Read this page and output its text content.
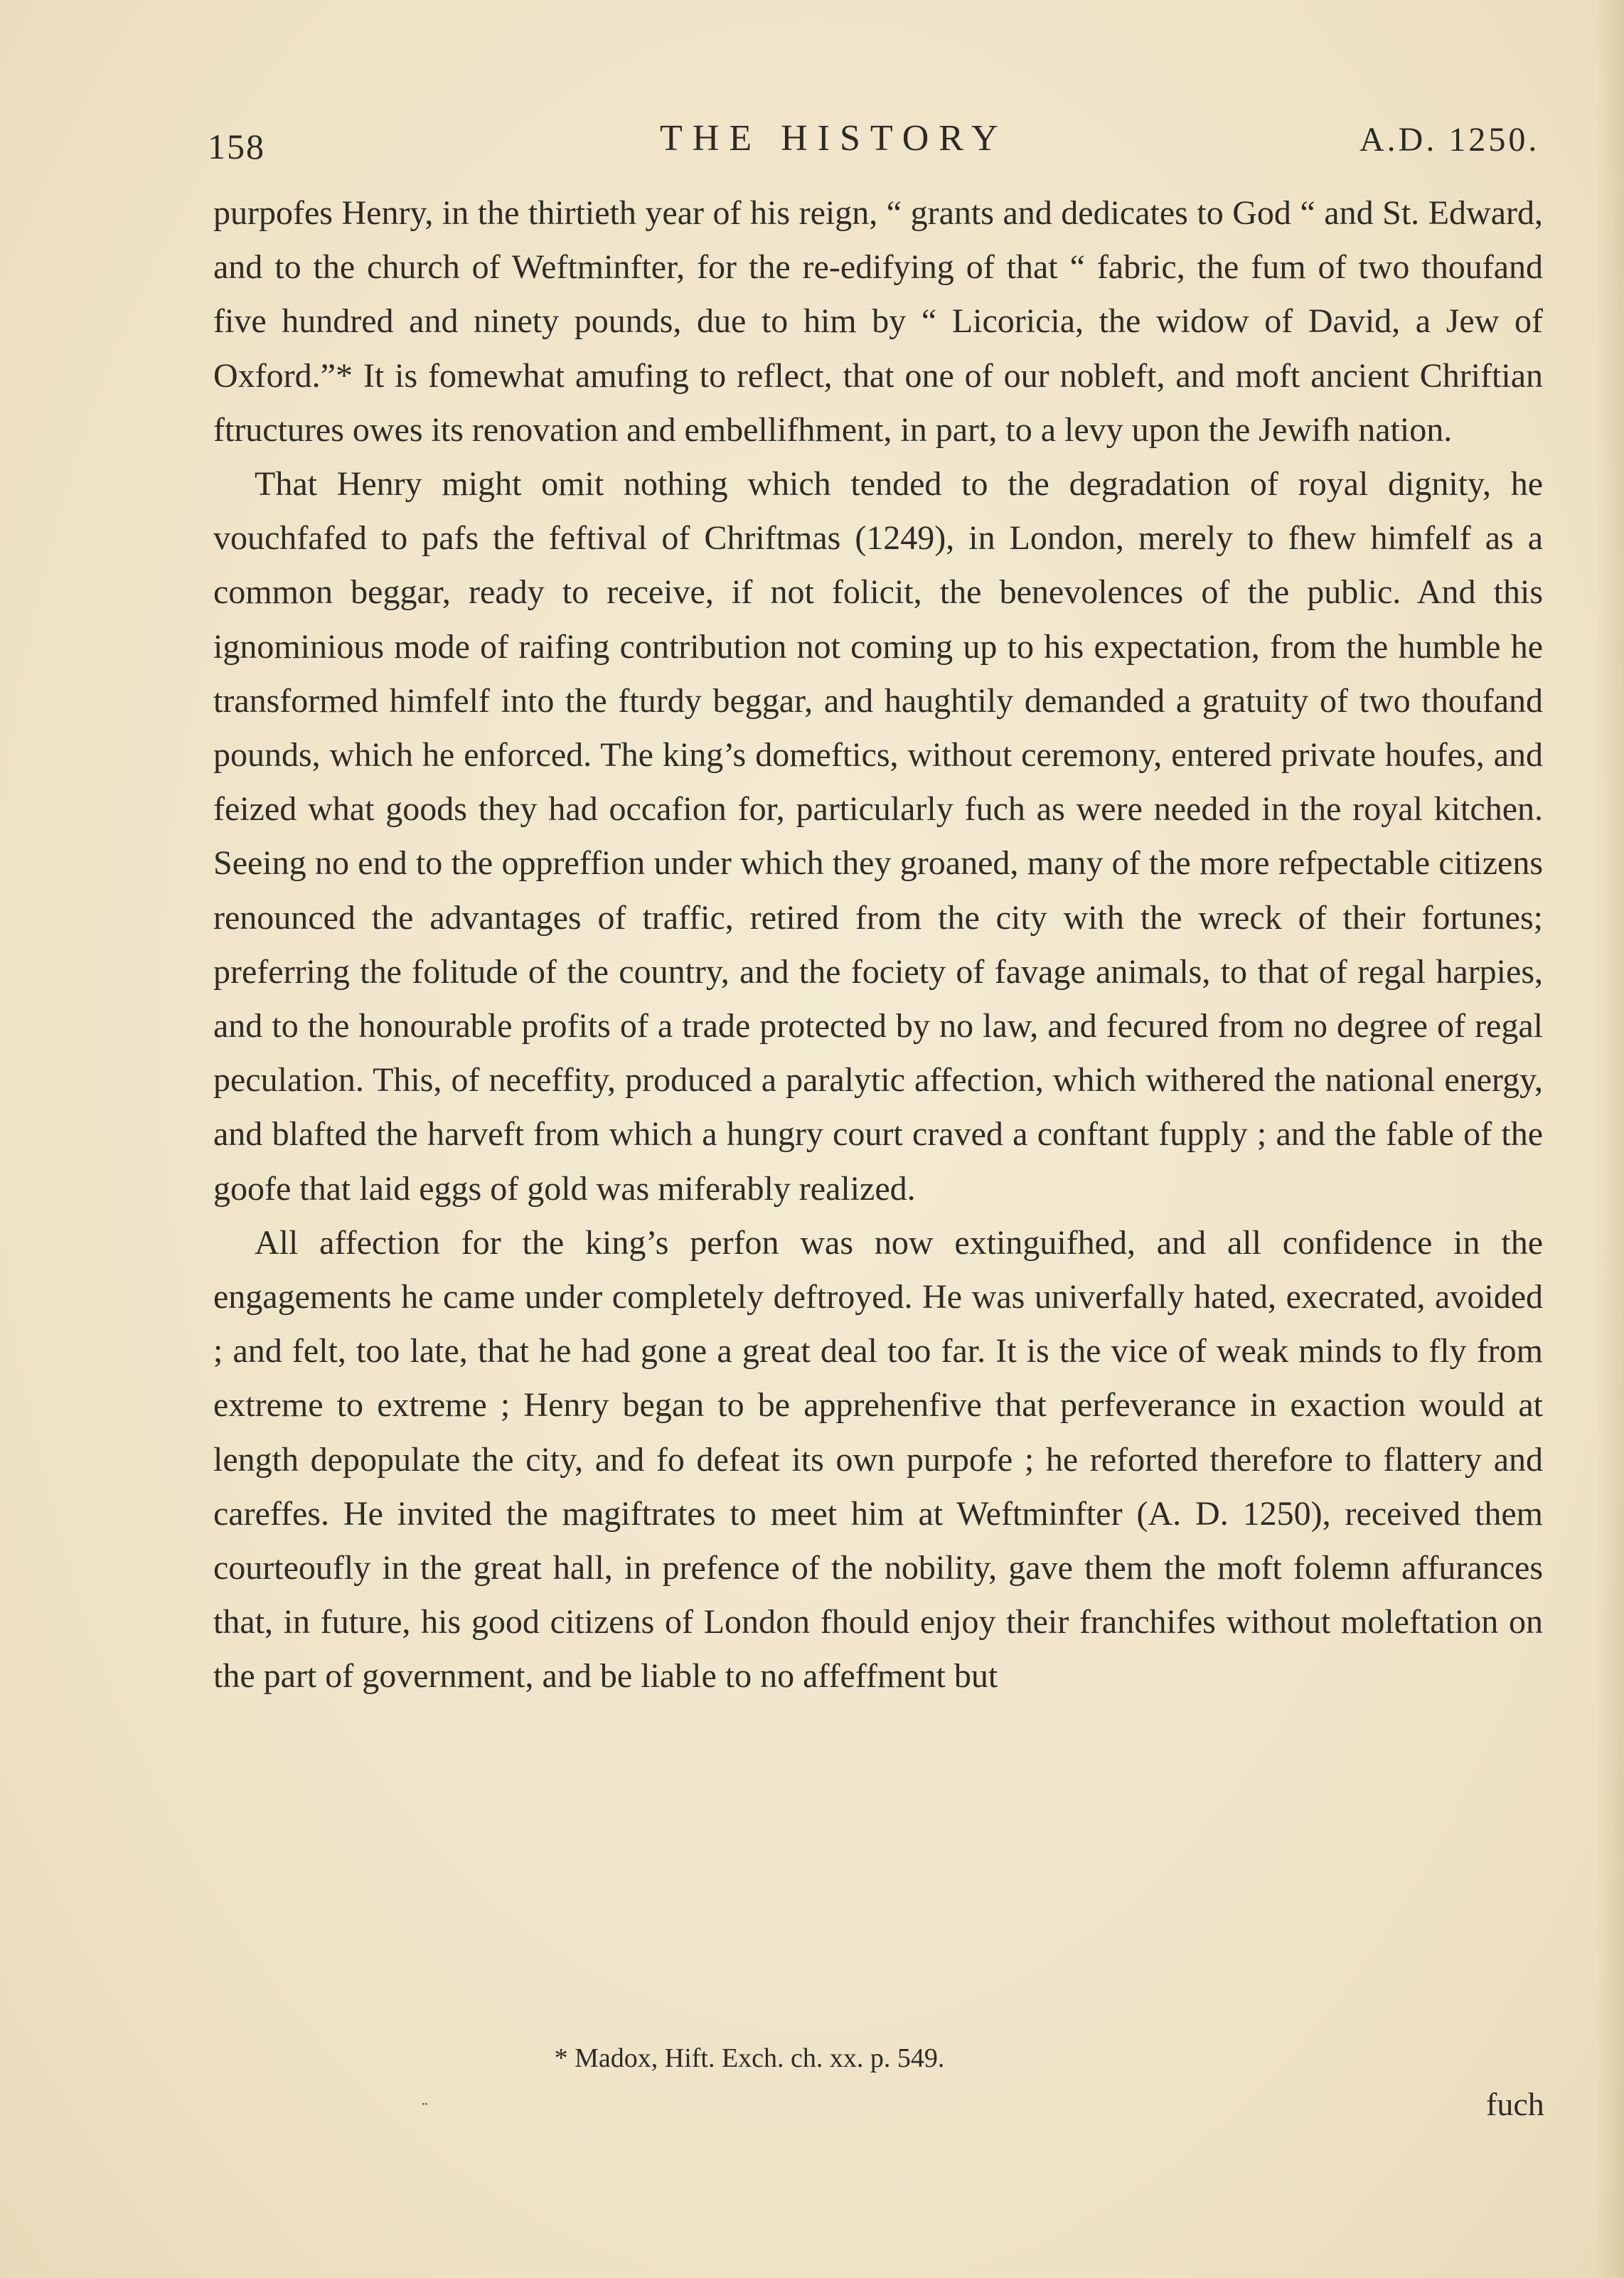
158	THE HISTORY	A.D. 1250.

purpofes Henry, in the thirtieth year of his reign, “ grants and dedicates to God “ and St. Edward, and to the church of Weftminfter, for the re-edifying of that “ fabric, the fum of two thoufand five hundred and ninety pounds, due to him by “ Licoricia, the widow of David, a Jew of Oxford.”* It is fomewhat amufing to reflect, that one of our nobleft, and moft ancient Chriftian ftructures owes its renovation and embellifhment, in part, to a levy upon the Jewifh nation.

That Henry might omit nothing which tended to the degradation of royal dignity, he vouchfafed to pafs the feftival of Chriftmas (1249), in London, merely to fhew himfelf as a common beggar, ready to receive, if not folicit, the benevolences of the public. And this ignominious mode of raifing contribution not coming up to his expectation, from the humble he transformed himfelf into the fturdy beggar, and haughtily demanded a gratuity of two thoufand pounds, which he enforced. The king’s domeftics, without ceremony, entered private houfes, and feized what goods they had occafion for, particularly fuch as were needed in the royal kitchen. Seeing no end to the oppreffion under which they groaned, many of the more refpectable citizens renounced the advantages of traffic, retired from the city with the wreck of their fortunes; preferring the folitude of the country, and the fociety of favage animals, to that of regal harpies, and to the honourable profits of a trade protected by no law, and fecured from no degree of regal peculation. This, of neceffity, produced a paralytic affection, which withered the national energy, and blafted the harveft from which a hungry court craved a conftant fupply ; and the fable of the goofe that laid eggs of gold was miferably realized.

All affection for the king’s perfon was now extinguifhed, and all confidence in the engagements he came under completely deftroyed. He was univerfally hated, execrated, avoided ; and felt, too late, that he had gone a great deal too far. It is the vice of weak minds to fly from extreme to extreme ; Henry began to be apprehenfive that perfeverance in exaction would at length depopulate the city, and fo defeat its own purpofe ; he reforted therefore to flattery and careffes. He invited the magiftrates to meet him at Weftminfter (A. D. 1250), received them courteoufly in the great hall, in prefence of the nobility, gave them the moft folemn affurances that, in future, his good citizens of London fhould enjoy their franchifes without moleftation on the part of government, and be liable to no affeffment but

* Madox, Hift. Exch. ch. xx. p. 549.
¨	fuch
